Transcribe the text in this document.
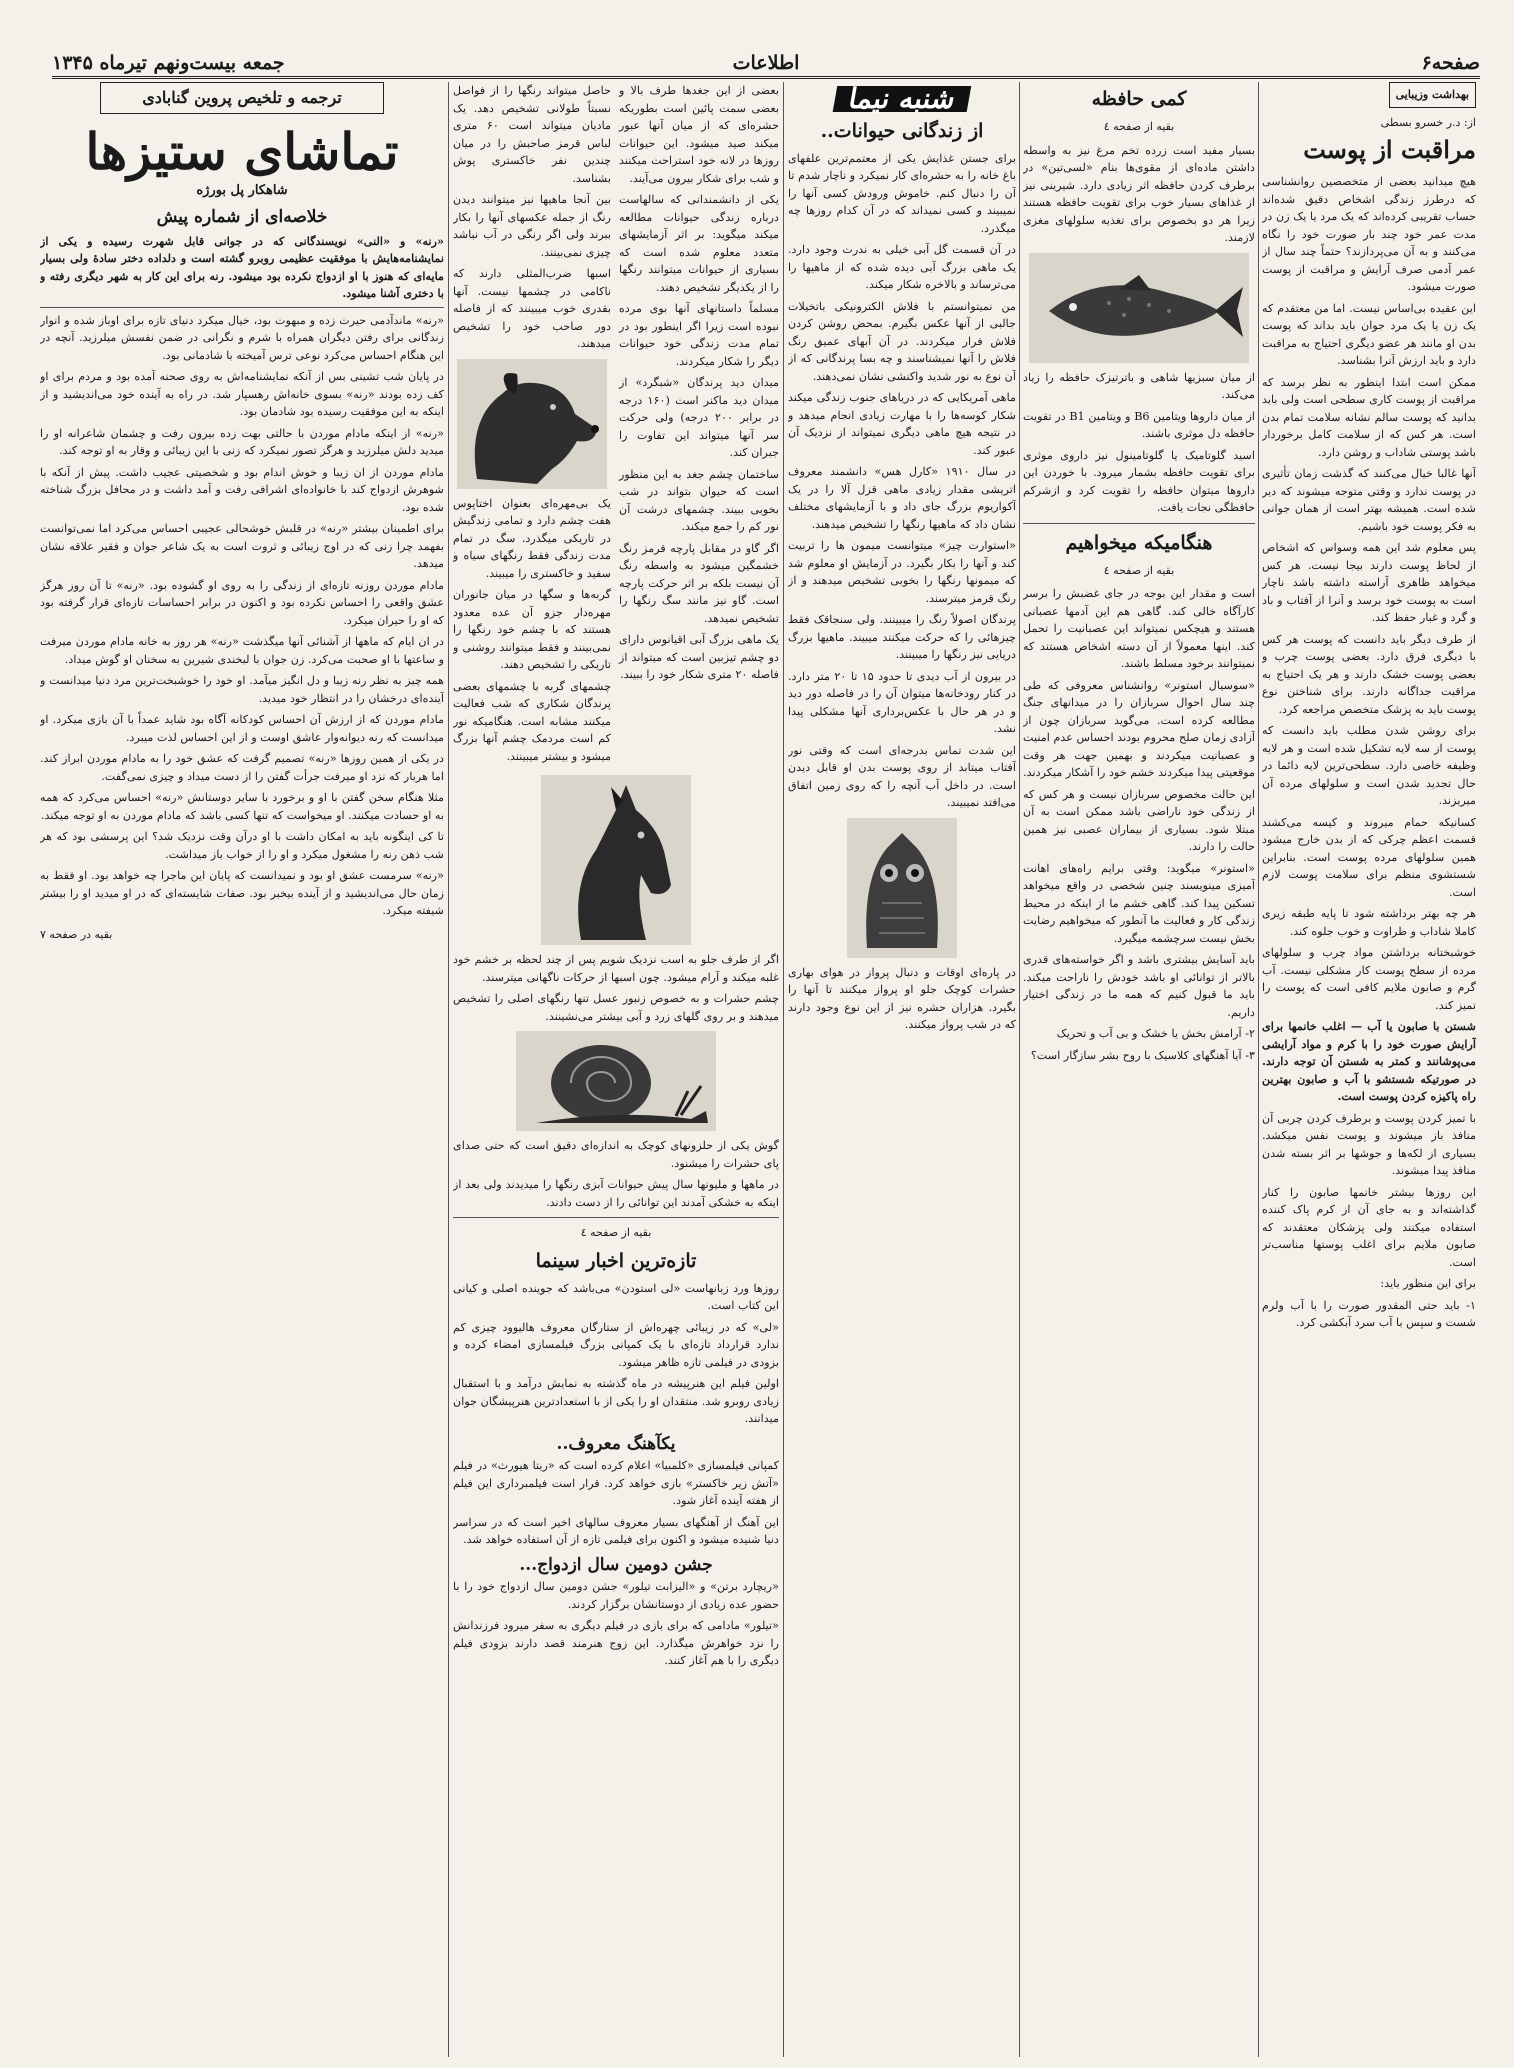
صفحه۶
اطلاعات
جمعه بیست‌ونهم تیرماه ۱۳۴۵
بهداشت وزیبایی
از: د.ر خسرو بسطی
مراقبت از پوست

هیچ میدانید بعضی از متخصصین روانشناسی که درطرز زندگی اشخاص دقیق شده‌اند حساب تقریبی کرده‌اند که یک مرد یا یک زن در مدت عمر خود چند بار صورت خود را نگاه می‌کنند و به آن می‌پردازند؟ حتماً چند سال از عمر آدمی صرف آرایش و مراقبت از پوست صورت میشود.

این عقیده بی‌اساس نیست. اما من معتقدم که یک زن یا یک مرد جوان باید بداند که پوست بدن او مانند هر عضو دیگری احتیاج به مراقبت دارد و باید ارزش آنرا بشناسد.

ممکن است ابتدا اینطور به نظر برسد که مراقبت از پوست کاری سطحی است ولی باید بدانید که پوست سالم نشانه سلامت تمام بدن است. هر کس که از سلامت کامل برخوردار باشد پوستی شاداب و روشن دارد.

آنها غالبا خیال می‌کنند که گذشت زمان تأثیری در پوست ندارد و وقتی متوجه میشوند که دیر شده است. همیشه بهتر است از همان جوانی به فکر پوست خود باشیم.

پس معلوم شد این همه وسواس که اشخاص از لحاظ پوست دارند بیجا نیست. هر کس میخواهد ظاهری آراسته داشته باشد ناچار است به پوست خود برسد و آنرا از آفتاب و باد و گرد و غبار حفظ کند.

از طرف دیگر باید دانست که پوست هر کس با دیگری فرق دارد. بعضی پوست چرب و بعضی پوست خشک دارند و هر یک احتیاج به مراقبت جداگانه دارند. برای شناختن نوع پوست باید به پزشک متخصص مراجعه کرد.

برای روشن شدن مطلب باید دانست که پوست از سه لایه تشکیل شده است و هر لایه وظیفه خاصی دارد. سطحی‌ترین لایه دائما در حال تجدید شدن است و سلولهای مرده آن میریزند.

کسانیکه حمام میروند و کیسه می‌کشند قسمت اعظم چرکی که از بدن خارج میشود همین سلولهای مرده پوست است. بنابراین شستشوی منظم برای سلامت پوست لازم است.

هر چه بهتر برداشته شود تا پایه طبقه زیری کاملا شاداب و طراوت و خوب جلوه کند.

خوشبختانه برداشتن مواد چرب و سلولهای مرده از سطح پوست کار مشکلی نیست. آب گرم و صابون ملایم کافی است که پوست را تمیز کند.

شستن با صابون یا آب — اغلب خانمها برای آرایش صورت خود را با کرم و مواد آرایشی می‌پوشانند و کمتر به شستن آن توجه دارند. در صورتیکه شستشو با آب و صابون بهترین راه پاکیزه کردن پوست است.

با تمیز کردن پوست و برطرف کردن چربی آن منافذ باز میشوند و پوست نفس میکشد. بسیاری از لکه‌ها و جوشها بر اثر بسته شدن منافذ پیدا میشوند.

این روزها بیشتر خانمها صابون را کنار گذاشته‌اند و به جای آن از کرم پاک کننده استفاده میکنند ولی پزشکان معتقدند که صابون ملایم برای اغلب پوستها مناسب‌تر است.

برای این منظور باید:

۱- باید حتی المقدور صورت را با آب ولرم شست و سپس با آب سرد آبکشی کرد.

کمی حافظه
بقیه از صفحه ٤

بسیار مفید است زرده تخم مرغ نیز به واسطه داشتن ماده‌ای از مقوی‌ها بنام «لسی‌تین» در برطرف کردن حافظه اثر زیادی دارد. شیرینی نیز از غذاهای بسیار خوب برای تقویت حافظه هستند زیرا هر دو بخصوص برای تغذیه سلولهای مغزی لازمند.

از میان سبزیها شاهی و باترتیزک حافظه را زیاد می‌کند.

از میان داروها ویتامین B6 و ویتامین B1 در تقویت حافظه دل موثری باشند.

اسید گلوتامیک یا گلوتامینول نیز داروی موثری برای تقویت حافظه بشمار میرود. با خوردن این داروها میتوان حافظه را تقویت کرد و ازشرکم حافظگی نجات یافت.

هنگامیکه میخواهیم
بقیه از صفحه ٤

است و مقدار این بوجه در جای غضبش را برسر کارآگاه خالی کند. گاهی هم این آدمها عصبانی هستند و هیچکس نمیتواند این عصبانیت را تحمل کند. اینها معمولاً از آن دسته اشخاص هستند که نمیتوانند برخود مسلط باشند.

«سوسیال استونر» روانشناس معروفی که طی چند سال احوال سربازان را در میدانهای جنگ مطالعه کرده است. می‌گوید سربازان چون از آزادی زمان صلح محروم بودند احساس عدم امنیت و عصبانیت میکردند و بهمین جهت هر وقت موقعیتی پیدا میکردند خشم خود را آشکار میکردند.

این حالت مخصوص سربازان نیست و هر کس که از زندگی خود ناراضی باشد ممکن است به آن مبتلا شود. بسیاری از بیماران عصبی نیز همین حالت را دارند.

«استونر» میگوید: وقتی برایم راه‌های اهانت آمیزی مینویسند چنین شخصی در واقع میخواهد تسکین پیدا کند. گاهی خشم ما از اینکه در محیط زندگی کار و فعالیت ما آنطور که میخواهیم رضایت بخش نیست سرچشمه میگیرد.

باید آسایش بیشتری باشد و اگر خواسته‌های قدری بالاتر از توانائی او باشد خودش را ناراحت میکند. باید ما قبول کنیم که همه ما در زندگی اختیار داریم.

۲- آرامش بخش یا خشک و بی آب و تحریک

۳- آیا آهنگهای کلاسیک با روح بشر سازگار است؟

شنبه نیما
از زندگانی حیوانات..

برای جستن غذایش یکی از معتمم‌ترین علفهای باغ خانه را به حشره‌ای کار نمیکرد و ناچار شدم تا آن را دنبال کنم. خاموش ورودش کسی آنها را نمیبیند و کسی نمیداند که در آن کدام روزها چه میگذرد.

در آن قسمت گل آبی خیلی به ندرت وجود دارد. یک ماهی بزرگ آبی دیده شده که از ماهیها را می‌ترساند و بالاخره شکار میکند.

من نمیتوانستم با فلاش الکترونیکی باتخیلات جالبی از آنها عکس بگیرم. بمحض روشن کردن فلاش فرار میکردند. در آن آبهای عمیق رنگ فلاش را آنها نمیشناسند و چه بسا پرندگانی که از آن نوع به نور شدید واکنشی نشان نمی‌دهند.

ماهی آمریکایی که در دریاهای جنوب زندگی میکند شکار کوسه‌ها را با مهارت زیادی انجام میدهد و در نتیجه هیچ ماهی دیگری نمیتواند از نزدیک آن عبور کند.

در سال ۱۹۱۰ «کارل هس» دانشمند معروف اتریشی مقدار زیادی ماهی قزل آلا را در یک آکواریوم بزرگ جای داد و با آزمایشهای مختلف نشان داد که ماهیها رنگها را تشخیص میدهند.

«استوارت چیز» میتوانست میمون ها را تربیت کند و آنها را بکار بگیرد. در آزمایش او معلوم شد که میمونها رنگها را بخوبی تشخیص میدهند و از رنگ قرمز میترسند.

پرندگان اصولاً رنگ را میبینند. ولی سنجاقک فقط چیزهائی را که حرکت میکنند میبیند. ماهیها بزرگ دریایی نیز رنگها را میبینند.

در بیرون از آب دیدی تا حدود ۱۵ تا ۲۰ متر دارد. در کنار رودخانه‌ها میتوان آن را در فاصله دور دید و در هر حال با عکس‌برداری آنها مشکلی پیدا نشد.

این شدت تماس بدرجه‌ای است که وقتی نور آفتاب میتابد از روی پوست بدن او قابل دیدن است. در داخل آب آنچه را که روی زمین اتفاق می‌افتد نمیبیند.

در پاره‌ای اوقات و دنبال پرواز در هوای بهاری حشرات کوچک جلو او پرواز میکنند تا آنها را بگیرد. هزاران حشره نیز از این نوع وجود دارند که در شب پرواز میکنند.

بعضی از این جغدها طرف بالا و بعضی سمت پائین است بطوریکه حشره‌ای که از میان آنها عبور میکند صید میشود. این حیوانات روزها در لانه خود استراحت میکنند و شب برای شکار بیرون می‌آیند.

یکی از دانشمندانی که سالهاست درباره زندگی حیوانات مطالعه میکند میگوید: بر اثر آزمایشهای متعدد معلوم شده است که بسیاری از حیوانات میتوانند رنگها را از یکدیگر تشخیص دهند.

مسلماً داستانهای آنها بوی مرده نبوده است زیرا اگر اینطور بود در تمام مدت زندگی خود حیوانات دیگر را شکار میکردند.

میدان دید پرندگان «شبگرد» از میدان دید ماکنر است (۱۶۰ درجه در برابر ۲۰۰ درجه) ولی حرکت سر آنها میتواند این تفاوت را جبران کند.

ساختمان چشم جغد به این منظور است که حیوان بتواند در شب بخوبی ببیند. چشمهای درشت آن نور کم را جمع میکند.

اگر گاو در مقابل پارچه قرمز رنگ خشمگین میشود به واسطه رنگ آن نیست بلکه بر اثر حرکت پارچه است. گاو نیز مانند سگ رنگها را تشخیص نمیدهد.

یک ماهی بزرگ آبی اقیانوس دارای دو چشم تیزبین است که میتواند از فاصله ۲۰ متری شکار خود را ببیند.

حاصل میتواند رنگها را از فواصل نسبتاً طولانی تشخیص دهد. یک مادیان میتواند است ۶۰ متری لباس قرمز صاحبش را در میان چندین نفر خاکستری پوش بشناسد.

بین آنجا ماهیها نیز میتوانند دیدن رنگ از جمله عکسهای آنها را بکار ببرند ولی اگر رنگی در آب نباشد چیزی نمی‌بینند.

اسبها ضرب‌المثلی دارند که ناکامی در چشمها نیست. آنها بقدری خوب میبینند که از فاصله دور صاحب خود را تشخیص میدهند.

یک بی‌مهره‌ای بعنوان اختاپوس هفت چشم دارد و تمامی زندگیش در تاریکی میگذرد. سگ در تمام مدت زندگی فقط رنگهای سیاه و سفید و خاکستری را میبیند.

گربه‌ها و سگها در میان جانوران مهره‌دار جزو آن عده معدود هستند که با چشم خود رنگها را نمی‌بینند و فقط میتوانند روشنی و تاریکی را تشخیص دهند.

چشمهای گربه با چشمهای بعضی پرندگان شکاری که شب فعالیت میکنند مشابه است. هنگامیکه نور کم است مردمک چشم آنها بزرگ میشود و بیشتر میبینند.

اگر از طرف جلو به اسب نزدیک شویم پس از چند لحظه بر خشم خود غلبه میکند و آرام میشود. چون اسبها از حرکات ناگهانی میترسند.

چشم حشرات و به خصوص زنبور عسل تنها رنگهای اصلی را تشخیص میدهند و بر روی گلهای زرد و آبی بیشتر می‌نشینند.

گوش یکی از حلزونهای کوچک به اندازه‌ای دقیق است که حتی صدای پای حشرات را میشنود.

در ماهها و ملیونها سال پیش حیوانات آبزی رنگها را میدیدند ولی بعد از اینکه به خشکی آمدند این توانائی را از دست دادند.

بقیه از صفحه ٤
تازه‌ترین اخبار سینما

روزها ورد زبانهاست «لی استودن» می‌باشد که جوینده اصلی و کیانی این کتاب است.

«لی» که در زیبائی چهره‌اش از ستارگان معروف هالیوود چیزی کم ندارد قرارداد تازه‌ای با یک کمپانی بزرگ فیلمسازی امضاء کرده و بزودی در فیلمی تازه ظاهر میشود.

اولین فیلم این هنرپیشه در ماه گذشته به نمایش درآمد و با استقبال زیادی روبرو شد. منتقدان او را یکی از با استعدادترین هنرپیشگان جوان میدانند.

یکآهنگ معروف..

کمپانی فیلمسازی «کلمبیا» اعلام کرده است که «ریتا هیورث» در فیلم «آتش زیر خاکستر» بازی خواهد کرد. قرار است فیلمبرداری این فیلم از هفته آینده آغاز شود.

این آهنگ از آهنگهای بسیار معروف سالهای اخیر است که در سراسر دنیا شنیده میشود و اکنون برای فیلمی تازه از آن استفاده خواهد شد.

جشن دومین سال ازدواج...

«ریچارد برتن» و «الیزابت تیلور» جشن دومین سال ازدواج خود را با حضور عده زیادی از دوستانشان برگزار کردند.

«تیلور» مادامی که برای بازی در فیلم دیگری به سفر میرود فرزندانش را نزد خواهرش میگذارد. این زوج هنرمند قصد دارند بزودی فیلم دیگری را با هم آغاز کنند.

ترجمه و تلخیص پروین گنابادی
تماشای ستیزها
شاهکار پل بورژه
خلاصه‌ای از شماره پیش

«رنه» و «النی» نویسندگانی که در جوانی قابل شهرت رسیده و یکی از نمایشنامه‌هایش با موفقیت عظیمی روبرو گشته است و دلداده دختر سادهٔ ولی بسیار مایه‌ای که هنوز با او ازدواج نکرده بود میشود. رنه برای این کار به شهر دیگری رفته و با دختری آشنا میشود.

«رنه» ماندآدمی حیرت زده و مبهوت بود، خیال میکرد دنیای تازه برای اوباز شده و انوار زندگانی برای رفتن دیگران همراه با شرم و نگرانی در ضمن نفسش میلرزید. آنچه در این هنگام احساس می‌کرد نوعی ترس آمیخته با شادمانی بود.

در پایان شب تشینی بس از آنکه نمایشنامه‌اش به روی صحنه آمده بود و مردم برای او کف زده بودند «رنه» بسوی خانه‌اش رهسپار شد. در راه به آینده خود می‌اندیشید و از اینکه به این موفقیت رسیده بود شادمان بود.

«رنه» از اینکه مادام موردن با حالتی بهت زده بیرون رفت و چشمان شاعرانه او را میدید دلش میلرزید و هرگز تصور نمیکرد که زنی با این زیبائی و وقار به او توجه کند.

مادام موردن از ان زیبا و خوش اندام بود و شخصیتی عجیب داشت. پیش از آنکه با شوهرش ازدواج کند با خانواده‌ای اشرافی رفت و آمد داشت و در محافل بزرگ شناخته شده بود.

برای اطمینان بیشتر «رنه» در قلبش خوشحالی عجیبی احساس می‌کرد اما نمی‌توانست بفهمد چرا زنی که در اوج زیبائی و ثروت است به یک شاعر جوان و فقیر علاقه نشان میدهد.

مادام موردن روزنه تازه‌ای از زندگی را به روی او گشوده بود. «رنه» تا آن روز هرگز عشق واقعی را احساس نکرده بود و اکنون در برابر احساسات تازه‌ای قرار گرفته بود که او را حیران میکرد.

در ان ایام که ماهها از آشنائی آنها میگذشت «رنه» هر روز به خانه مادام موردن میرفت و ساعتها با او صحبت می‌کرد. زن جوان با لبخندی شیرین به سخنان او گوش میداد.

همه چیز به نظر رنه زیبا و دل انگیز میآمد. او خود را خوشبخت‌ترین مرد دنیا میدانست و آینده‌ای درخشان را در انتظار خود میدید.

مادام موردن که از ارزش آن احساس کودکانه آگاه بود شاید عمداً با آن بازی میکرد. او میدانست که رنه دیوانه‌وار عاشق اوست و از این احساس لذت میبرد.

در یکی از همین روزها «رنه» تصمیم گرفت که عشق خود را به مادام موردن ابراز کند. اما هربار که نزد او میرفت جرأت گفتن را از دست میداد و چیزی نمی‌گفت.

مثلا هنگام سخن گفتن با او و برخورد با سایر دوستانش «رنه» احساس می‌کرد که همه به او حسادت میکنند. او میخواست که تنها کسی باشد که مادام موردن به او توجه میکند.

تا کی اینگونه باید به امکان داشت با او درآن وقت نزدیک شد؟ این پرسشی بود که هر شب ذهن رنه را مشغول میکرد و او را از خواب باز میداشت.

«رنه» سرمست عشق او بود و نمیدانست که پایان این ماجرا چه خواهد بود. او فقط به زمان حال می‌اندیشید و از آینده بیخبر بود. صفات شایسته‌ای که در او میدید او را بیشتر شیفته میکرد.

بقیه در صفحه ۷
